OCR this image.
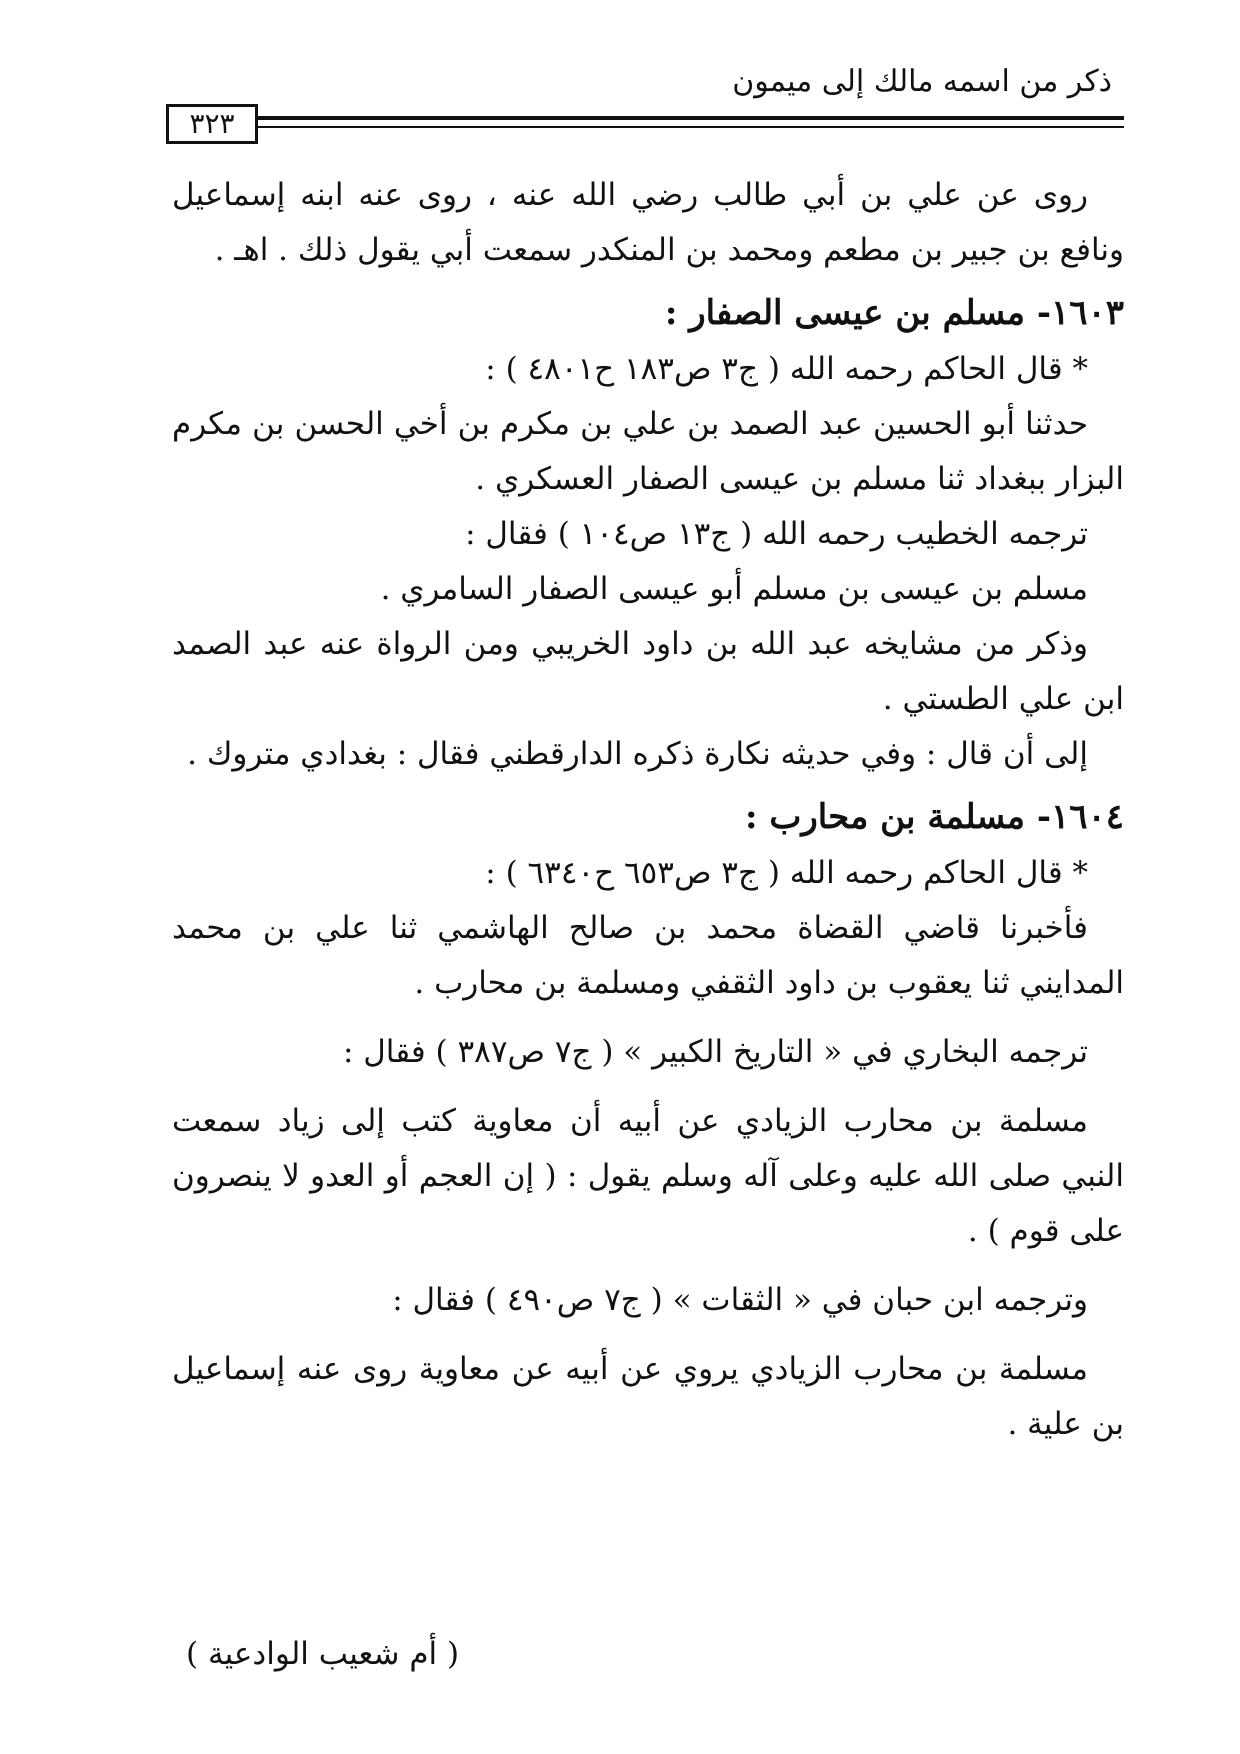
ذكر من اسمه مالك إلى ميمون
٣٢٣

روى عن علي بن أبي طالب رضي الله عنه ، روى عنه ابنه إسماعيل ونافع بن جبير بن مطعم ومحمد بن المنكدر سمعت أبي يقول ذلك . اهـ .

١٦٠٣- مسلم بن عيسى الصفار :

* قال الحاكم رحمه الله ( ج٣ ص١٨٣ ح٤٨٠١ ) :

حدثنا أبو الحسين عبد الصمد بن علي بن مكرم بن أخي الحسن بن مكرم البزار ببغداد ثنا مسلم بن عيسى الصفار العسكري .

ترجمه الخطيب رحمه الله ( ج١٣ ص١٠٤ ) فقال :

مسلم بن عيسى بن مسلم أبو عيسى الصفار السامري .

وذكر من مشايخه عبد الله بن داود الخريبي ومن الرواة عنه عبد الصمد ابن علي الطستي .

إلى أن قال : وفي حديثه نكارة ذكره الدارقطني فقال : بغدادي متروك .

١٦٠٤- مسلمة بن محارب :

* قال الحاكم رحمه الله ( ج٣ ص٦٥٣ ح٦٣٤٠ ) :

فأخبرنا قاضي القضاة محمد بن صالح الهاشمي ثنا علي بن محمد المدايني ثنا يعقوب بن داود الثقفي ومسلمة بن محارب .

ترجمه البخاري في « التاريخ الكبير » ( ج٧ ص٣٨٧ ) فقال :

مسلمة بن محارب الزيادي عن أبيه أن معاوية كتب إلى زياد سمعت النبي صلى الله عليه وعلى آله وسلم يقول : ( إن العجم أو العدو لا ينصرون على قوم ) .

وترجمه ابن حبان في « الثقات » ( ج٧ ص٤٩٠ ) فقال :

مسلمة بن محارب الزيادي يروي عن أبيه عن معاوية روى عنه إسماعيل بن علية .

( أم شعيب الوادعية )
